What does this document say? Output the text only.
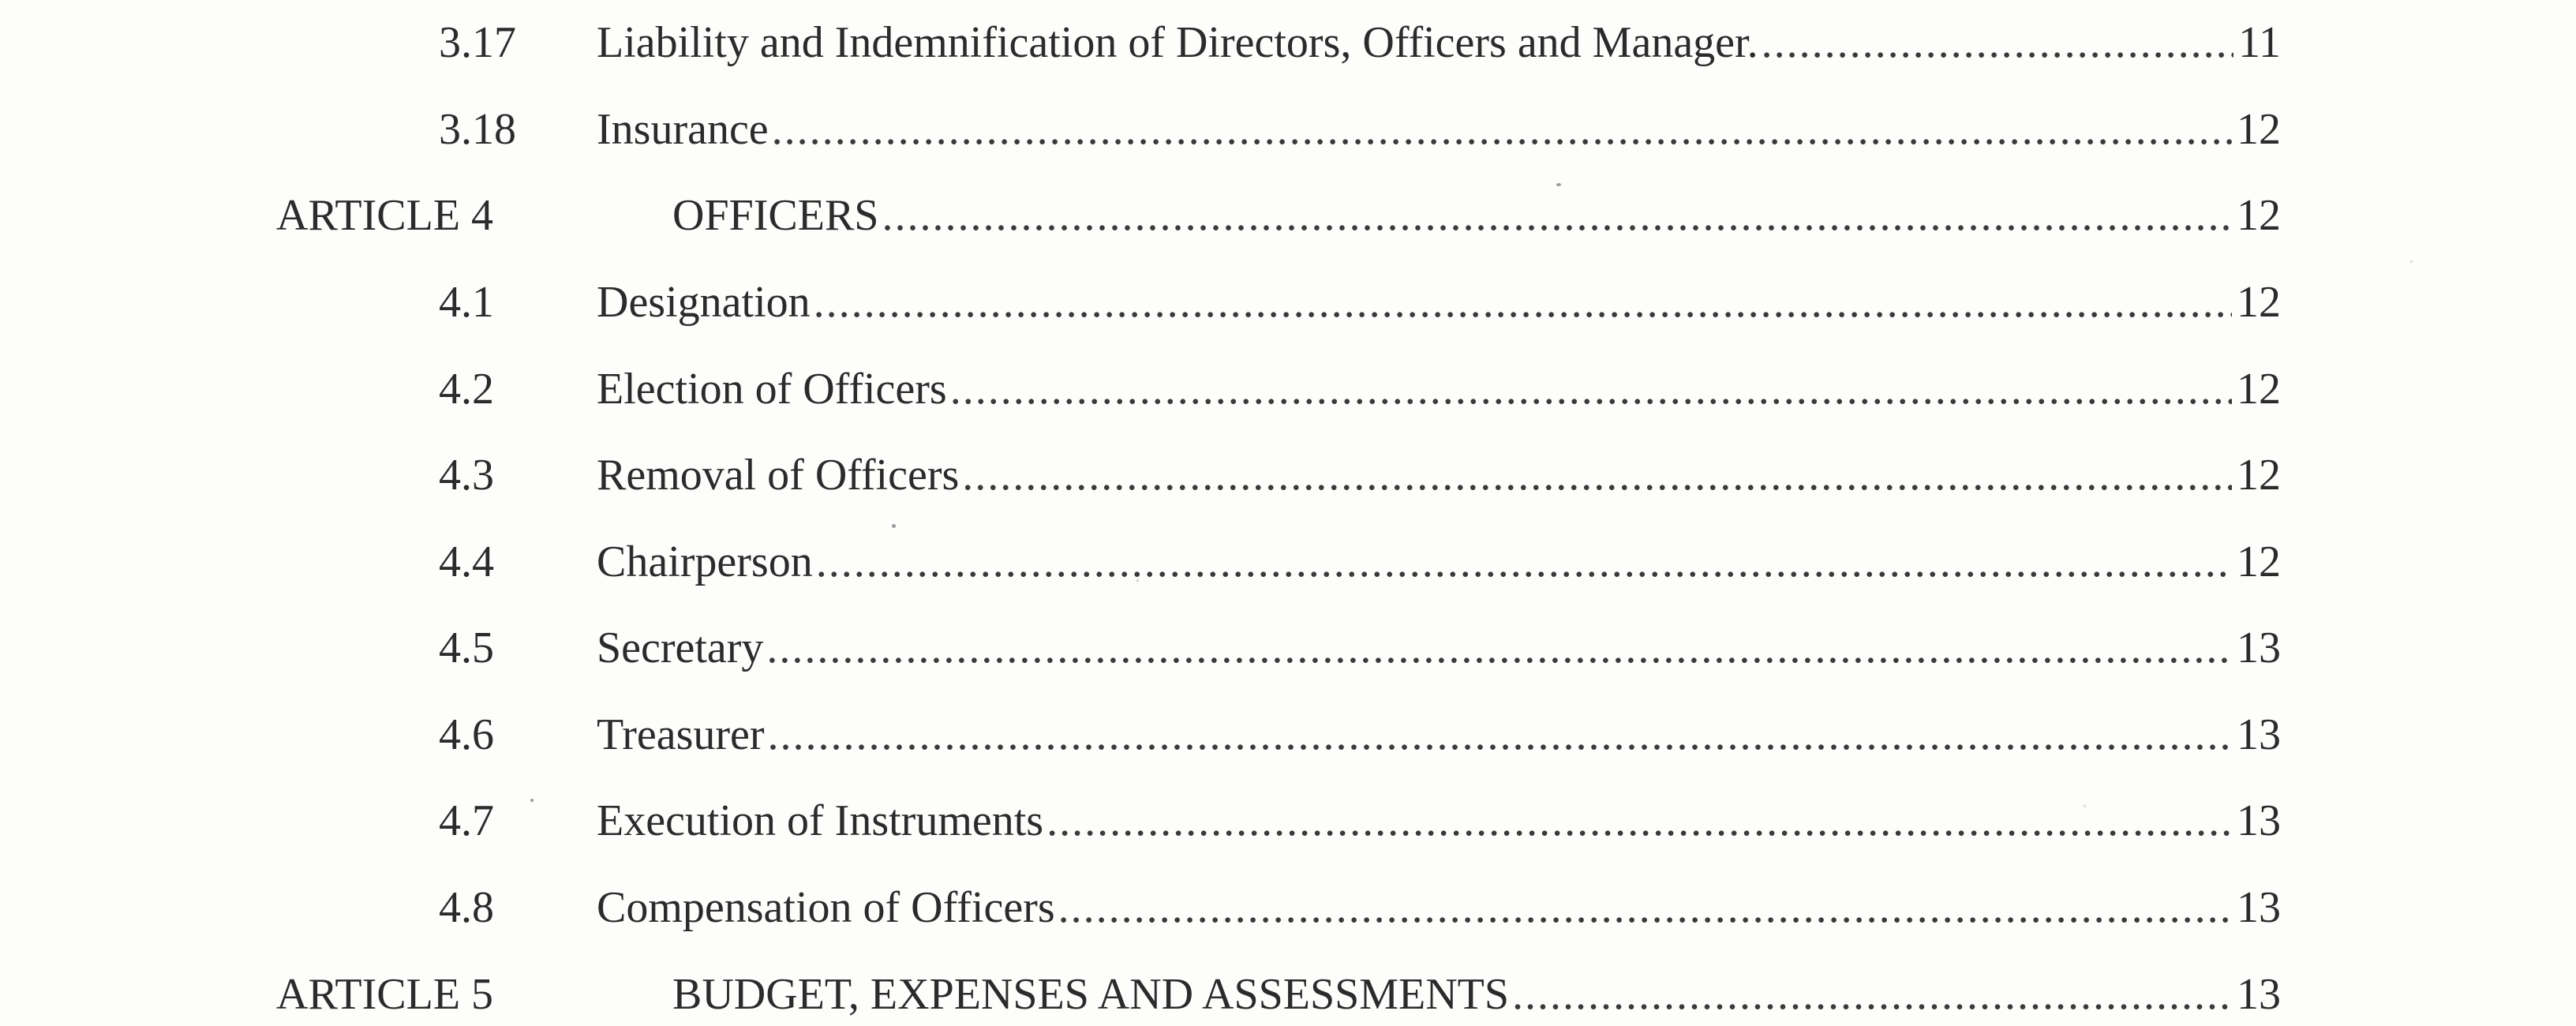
3.17 Liability and Indemnification of Directors, Officers and Manager. . . .	11
3.18 Insurance . . .	12
ARTICLE 4	OFFICERS . . .	12
4.1 Designation . . .	12
4.2 Election of Officers . . .	12
4.3 Removal of Officers . . .	12
4.4 Chairperson . . .	12
4.5 Secretary . . .	13
4.6 Treasurer . . .	13
4.7 Execution of Instruments . . .	13
4.8 Compensation of Officers . . .	13
ARTICLE 5	BUDGET, EXPENSES AND ASSESSMENTS . . .	13
